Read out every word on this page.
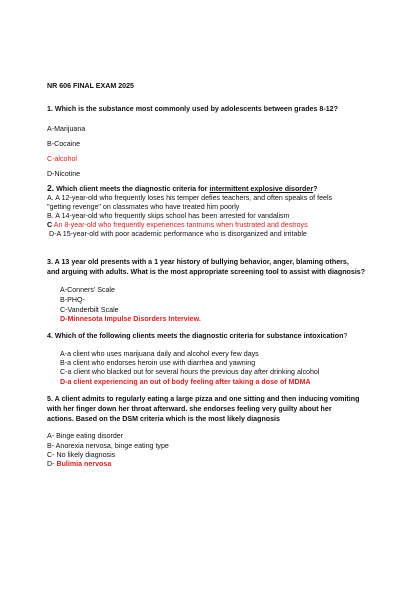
NR 606 FINAL EXAM 2025
1. Which is the substance most commonly used by adolescents between grades 8-12?
A-Marijuana
B-Cocaine
C-alcohol
D-Nicotine
2. Which client meets the diagnostic criteria for intermittent explosive disorder?
A. A 12-year-old who frequently loses his temper defies teachers, and often speaks of feels
"getting revenge" on classmates who have treated him poorly
B. A 14-year-old who frequently skips school has been arrested for vandalism
C An 8-year-old who frequently experiences tantrums when frustrated and destroys
D-A 15-year-old with poor academic performance who is disorganized and irritable
3. A 13 year old presents with a 1 year history of bullying behavior, anger, blaming others,
and arguing with adults. What is the most appropriate screening tool to assist with diagnosis?
A-Conners’ Scale
B-PHQ-
C-Vanderbilt Scale
D-Minnesota Impulse Disorders Interview.
4. Which of the following clients meets the diagnostic criteria for substance intoxication?
A-a client who uses marijuana daily and alcohol every few days
B-a client who endorses heroin use with diarrhea and yawning
C-a client who blacked out for several hours the previous day after drinking alcohol
D-a client experiencing an out of body feeling after taking a dose of MDMA
5. A client admits to regularly eating a large pizza and one sitting and then inducing vomiting
with her finger down her throat afterward. she endorses feeling very guilty about her
actions. Based on the DSM criteria which is the most likely diagnosis
A- Binge eating disorder
B- Anorexia nervosa, binge eating type
C- No likely diagnosis
D- Bulimia nervosa
